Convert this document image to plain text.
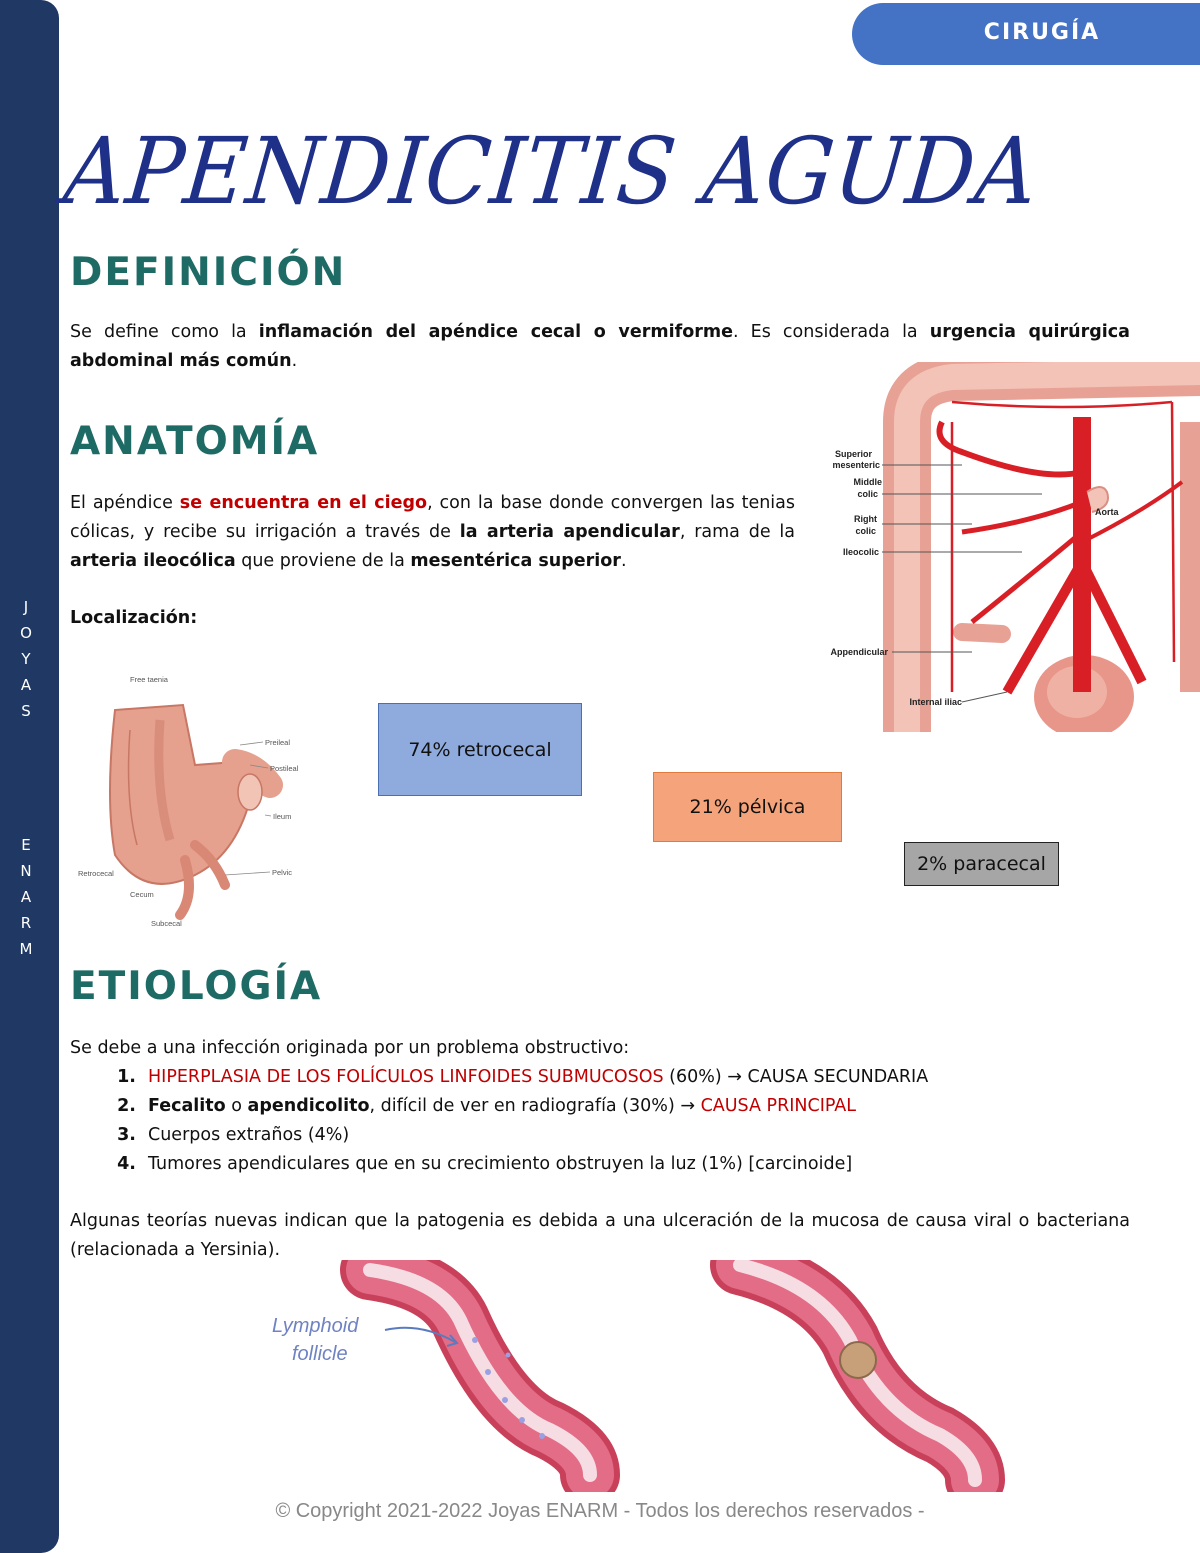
J
O
Y
A
S
E
N
A
R
M
CIRUGÍA
APENDICITIS AGUDA
DEFINICIÓN

Se define como la inflamación del apéndice cecal o vermiforme. Es considerada la urgencia quirúrgica abdominal más común.

ANATOMÍA

El apéndice se encuentra en el ciego, con la base donde convergen las tenias cólicas, y recibe su irrigación a través de la arteria apendicular, rama de la arteria ileocólica que proviene de la mesentérica superior.

Localización:

Superior
mesenteric
Middle
colic
Right
colic
Ileocolic
Appendicular
Internal iliac
Aorta
Free taenia
Preileal
Postileal
Ileum
Retrocecal
Cecum
Pelvic
Subcecal
74% retrocecal
21% pélvica
2% paracecal
ETIOLOGÍA

Se debe a una infección originada por un problema obstructivo:

1. HIPERPLASIA DE LOS FOLÍCULOS LINFOIDES SUBMUCOSOS (60%) → CAUSA SECUNDARIA
2. Fecalito o apendicolito, difícil de ver en radiografía (30%) → CAUSA PRINCIPAL
3. Cuerpos extraños (4%)
4. Tumores apendiculares que en su crecimiento obstruyen la luz (1%) [carcinoide]

Algunas teorías nuevas indican que la patogenia es debida a una ulceración de la mucosa de causa viral o bacteriana (relacionada a Yersinia).

Lymphoid
follicle
© Copyright 2021-2022 Joyas ENARM - Todos los derechos reservados -
